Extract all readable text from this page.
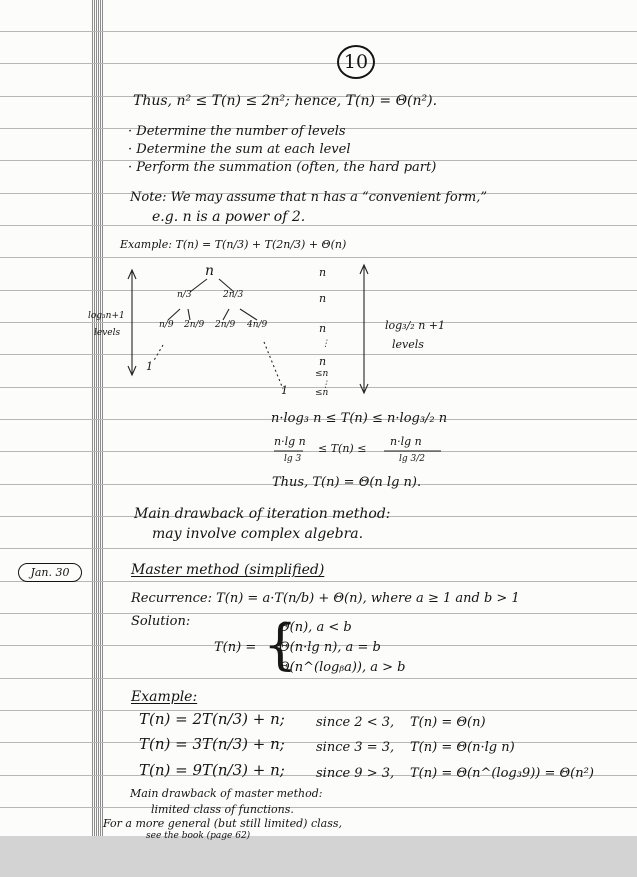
10
Thus, n² ≤ T(n) ≤ 2n²; hence, T(n) = Θ(n²).
· Determine the number of levels
· Determine the sum at each level
· Perform the summation (often, the hard part)
Note: We may assume that n has a “convenient form,”
e.g. n is a power of 2.
Example: T(n) = T(n/3) + T(2n/3) + Θ(n)
n
n/3	2n/3
n/9 2n/9 2n/9 4n/9
1
1
log₃n+1
levels
n
n
n
⋮
n
≤n
⋮
≤n
log₃/₂ n +1
levels
n·log₃ n ≤ T(n) ≤ n·log₃/₂ n
n·lg n
lg 3
≤ T(n) ≤
n·lg n
lg 3/2
Thus, T(n) = Θ(n lg n).
Main drawback of iteration method:
may involve complex algebra.
Jan. 30	Master method (simplified)
Recurrence: T(n) = a·T(n/b) + Θ(n), where a ≥ 1 and b > 1
Solution:
T(n) = {
Θ(n), a < b
Θ(n·lg n), a = b
Θ(n^(logᵦa)), a > b
Example:
T(n) = 2T(n/3) + n; since 2 < 3, T(n) = Θ(n)
T(n) = 3T(n/3) + n; since 3 = 3, T(n) = Θ(n·lg n)
T(n) = 9T(n/3) + n; since 9 > 3, T(n) = Θ(n^(log₃9)) = Θ(n²)
Main drawback of master method:
limited class of functions.
For a more general (but still limited) class,
see the book (page 62)
